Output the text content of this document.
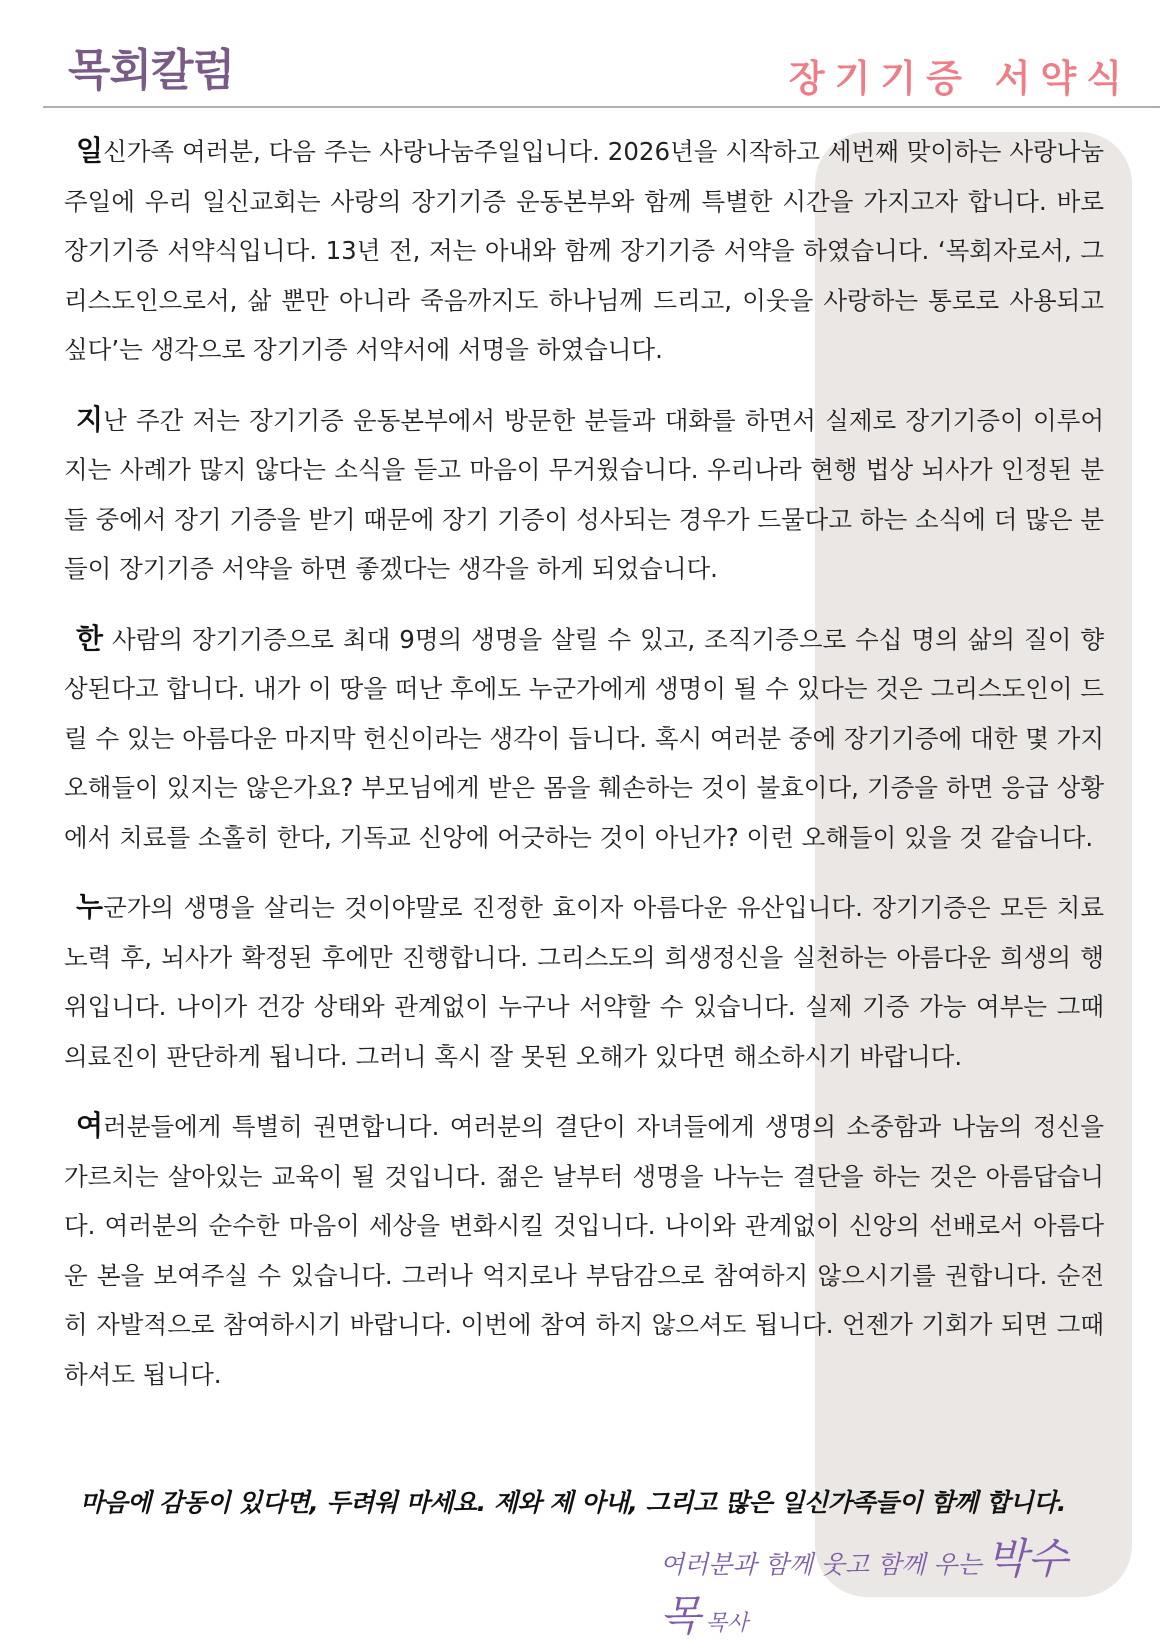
목회칼럼	장기기증 서약식

일신가족 여러분, 다음 주는 사랑나눔주일입니다. 2026년을 시작하고 세번째 맞이하는 사랑나눔주일에 우리 일신교회는 사랑의 장기기증 운동본부와 함께 특별한 시간을 가지고자 합니다. 바로 장기기증 서약식입니다. 13년 전, 저는 아내와 함께 장기기증 서약을 하였습니다. ‘목회자로서, 그리스도인으로서, 삶 뿐만 아니라 죽음까지도 하나님께 드리고, 이웃을 사랑하는 통로로 사용되고 싶다’는 생각으로 장기기증 서약서에 서명을 하였습니다.

지난 주간 저는 장기기증 운동본부에서 방문한 분들과 대화를 하면서 실제로 장기기증이 이루어지는 사례가 많지 않다는 소식을 듣고 마음이 무거웠습니다. 우리나라 현행 법상 뇌사가 인정된 분들 중에서 장기 기증을 받기 때문에 장기 기증이 성사되는 경우가 드물다고 하는 소식에 더 많은 분들이 장기기증 서약을 하면 좋겠다는 생각을 하게 되었습니다.

한 사람의 장기기증으로 최대 9명의 생명을 살릴 수 있고, 조직기증으로 수십 명의 삶의 질이 향상된다고 합니다. 내가 이 땅을 떠난 후에도 누군가에게 생명이 될 수 있다는 것은 그리스도인이 드릴 수 있는 아름다운 마지막 헌신이라는 생각이 듭니다. 혹시 여러분 중에 장기기증에 대한 몇 가지 오해들이 있지는 않은가요? 부모님에게 받은 몸을 훼손하는 것이 불효이다, 기증을 하면 응급 상황에서 치료를 소홀히 한다, 기독교 신앙에 어긋하는 것이 아닌가? 이런 오해들이 있을 것 같습니다.

누군가의 생명을 살리는 것이야말로 진정한 효이자 아름다운 유산입니다. 장기기증은 모든 치료 노력 후, 뇌사가 확정된 후에만 진행합니다. 그리스도의 희생정신을 실천하는 아름다운 희생의 행위입니다. 나이가 건강 상태와 관계없이 누구나 서약할 수 있습니다. 실제 기증 가능 여부는 그때 의료진이 판단하게 됩니다. 그러니 혹시 잘 못된 오해가 있다면 해소하시기 바랍니다.

여러분들에게 특별히 권면합니다. 여러분의 결단이 자녀들에게 생명의 소중함과 나눔의 정신을 가르치는 살아있는 교육이 될 것입니다. 젊은 날부터 생명을 나누는 결단을 하는 것은 아름답습니다. 여러분의 순수한 마음이 세상을 변화시킬 것입니다. 나이와 관계없이 신앙의 선배로서 아름다운 본을 보여주실 수 있습니다. 그러나 억지로나 부담감으로 참여하지 않으시기를 권합니다. 순전히 자발적으로 참여하시기 바랍니다. 이번에 참여 하지 않으셔도 됩니다. 언젠가 기회가 되면 그때 하셔도 됩니다.

마음에 감동이 있다면, 두려워 마세요. 제와 제 아내, 그리고 많은 일신가족들이 함께 합니다.
여러분과 함께 웃고 함께 우는 박수
목 목사
